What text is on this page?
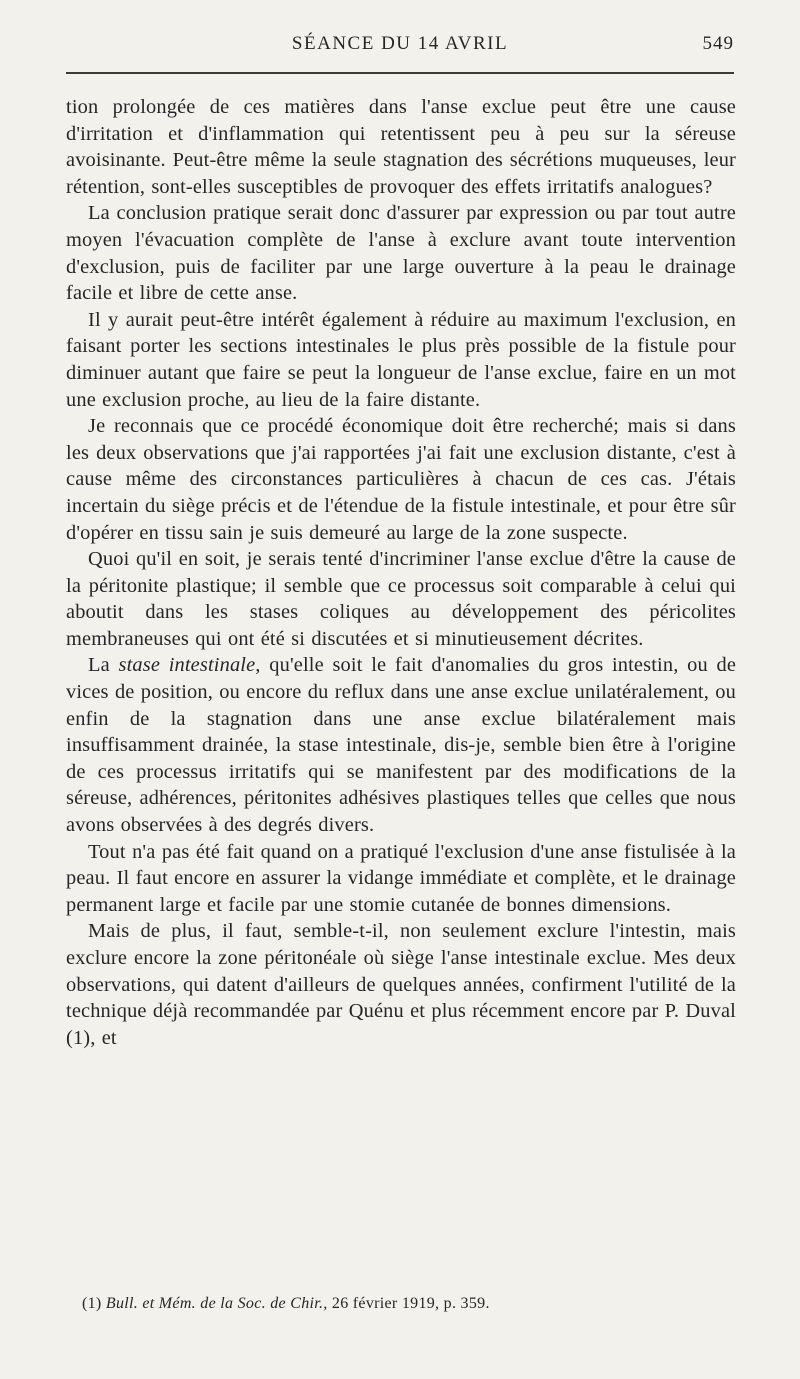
SÉANCE DU 14 AVRIL	549

tion prolongée de ces matières dans l'anse exclue peut être une cause d'irritation et d'inflammation qui retentissent peu à peu sur la séreuse avoisinante. Peut-être même la seule stagnation des sécrétions muqueuses, leur rétention, sont-elles susceptibles de provoquer des effets irritatifs analogues?

La conclusion pratique serait donc d'assurer par expression ou par tout autre moyen l'évacuation complète de l'anse à exclure avant toute intervention d'exclusion, puis de faciliter par une large ouverture à la peau le drainage facile et libre de cette anse.

Il y aurait peut-être intérêt également à réduire au maximum l'exclusion, en faisant porter les sections intestinales le plus près possible de la fistule pour diminuer autant que faire se peut la longueur de l'anse exclue, faire en un mot une exclusion proche, au lieu de la faire distante.

Je reconnais que ce procédé économique doit être recherché; mais si dans les deux observations que j'ai rapportées j'ai fait une exclusion distante, c'est à cause même des circonstances particulières à chacun de ces cas. J'étais incertain du siège précis et de l'étendue de la fistule intestinale, et pour être sûr d'opérer en tissu sain je suis demeuré au large de la zone suspecte.

Quoi qu'il en soit, je serais tenté d'incriminer l'anse exclue d'être la cause de la péritonite plastique; il semble que ce processus soit comparable à celui qui aboutit dans les stases coliques au développement des péricolites membraneuses qui ont été si discutées et si minutieusement décrites.

La stase intestinale, qu'elle soit le fait d'anomalies du gros intestin, ou de vices de position, ou encore du reflux dans une anse exclue unilatéralement, ou enfin de la stagnation dans une anse exclue bilatéralement mais insuffisamment drainée, la stase intestinale, dis-je, semble bien être à l'origine de ces processus irritatifs qui se manifestent par des modifications de la séreuse, adhérences, péritonites adhésives plastiques telles que celles que nous avons observées à des degrés divers.

Tout n'a pas été fait quand on a pratiqué l'exclusion d'une anse fistulisée à la peau. Il faut encore en assurer la vidange immédiate et complète, et le drainage permanent large et facile par une stomie cutanée de bonnes dimensions.

Mais de plus, il faut, semble-t-il, non seulement exclure l'intestin, mais exclure encore la zone péritonéale où siège l'anse intestinale exclue. Mes deux observations, qui datent d'ailleurs de quelques années, confirment l'utilité de la technique déjà recommandée par Quénu et plus récemment encore par P. Duval (1), et

(1) Bull. et Mém. de la Soc. de Chir., 26 février 1919, p. 359.
